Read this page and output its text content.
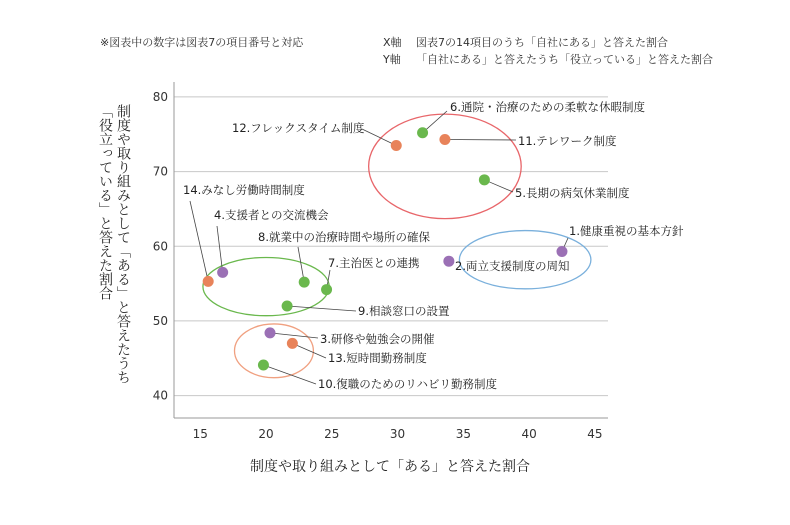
※図表中の数字は図表7の項目番号と対応	X軸 図表7の14項目のうち「自社にある」と答えた割合
Y軸 「自社にある」と答えたうち「役立っている」と答えた割合
40
50
60
70
80
15	20	25	30	35	40	45
1.健康重視の基本方針
2.両立支援制度の周知
3.研修や勉強会の開催
4.支援者との交流機会
5.長期の病気休業制度
6.通院・治療のための柔軟な休暇制度
7.主治医との連携
8.就業中の治療時間や場所の確保
9.相談窓口の設置
10.復職のためのリハビリ勤務制度
11.テレワーク制度
12.フレックスタイム制度
13.短時間勤務制度
14.みなし労働時間制度
制度や取り組みとして「ある」と答えたうち
「役立っている」と答えた割合
制度や取り組みとして「ある」と答えた割合
